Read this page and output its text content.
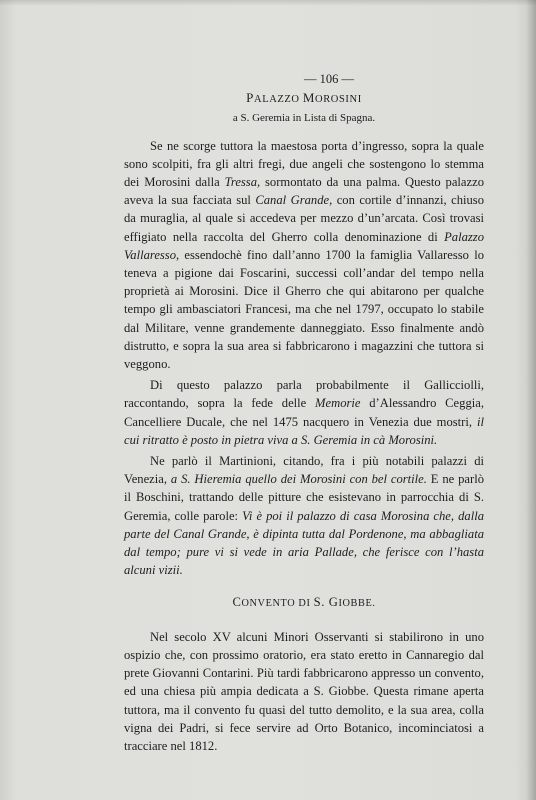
— 106 —
PALAZZO MOROSINI
a S. Geremia in Lista di Spagna.

Se ne scorge tuttora la maestosa porta d’ingresso, sopra la quale sono scolpiti, fra gli altri fregi, due angeli che sostengono lo stemma dei Morosini dalla Tressa, sormontato da una palma. Questo palazzo aveva la sua facciata sul Canal Grande, con cortile d’innanzi, chiuso da muraglia, al quale si accedeva per mezzo d’un’arcata. Così trovasi effigiato nella raccolta del Gherro colla denominazione di Palazzo Vallaresso, essendochè fino dall’anno 1700 la famiglia Vallaresso lo teneva a pigione dai Foscarini, successi coll’andar del tempo nella proprietà ai Morosini. Dice il Gherro che qui abitarono per qualche tempo gli ambasciatori Francesi, ma che nel 1797, occupato lo stabile dal Militare, venne grandemente danneggiato. Esso finalmente andò distrutto, e sopra la sua area si fabbricarono i magazzini che tuttora si veggono.

Di questo palazzo parla probabilmente il Gallicciolli, raccontando, sopra la fede delle Memorie d’Alessandro Ceggia, Cancelliere Ducale, che nel 1475 nacquero in Venezia due mostri, il cui ritratto è posto in pietra viva a S. Geremia in cà Morosini.

Ne parlò il Martinioni, citando, fra i più notabili palazzi di Venezia, a S. Hieremia quello dei Morosini con bel cortile. E ne parlò il Boschini, trattando delle pitture che esistevano in parrocchia di S. Geremia, colle parole: Vi è poi il palazzo di casa Morosina che, dalla parte del Canal Grande, è dipinta tutta dal Pordenone, ma abbagliata dal tempo; pure vi si vede in aria Pallade, che ferisce con l’hasta alcuni vizii.

CONVENTO DI S. GIOBBE.

Nel secolo XV alcuni Minori Osservanti si stabilirono in uno ospizio che, con prossimo oratorio, era stato eretto in Cannaregio dal prete Giovanni Contarini. Più tardi fabbricarono appresso un convento, ed una chiesa più ampia dedicata a S. Giobbe. Questa rimane aperta tuttora, ma il convento fu quasi del tutto demolito, e la sua area, colla vigna dei Padri, si fece servire ad Orto Botanico, incominciatosi a tracciare nel 1812.
